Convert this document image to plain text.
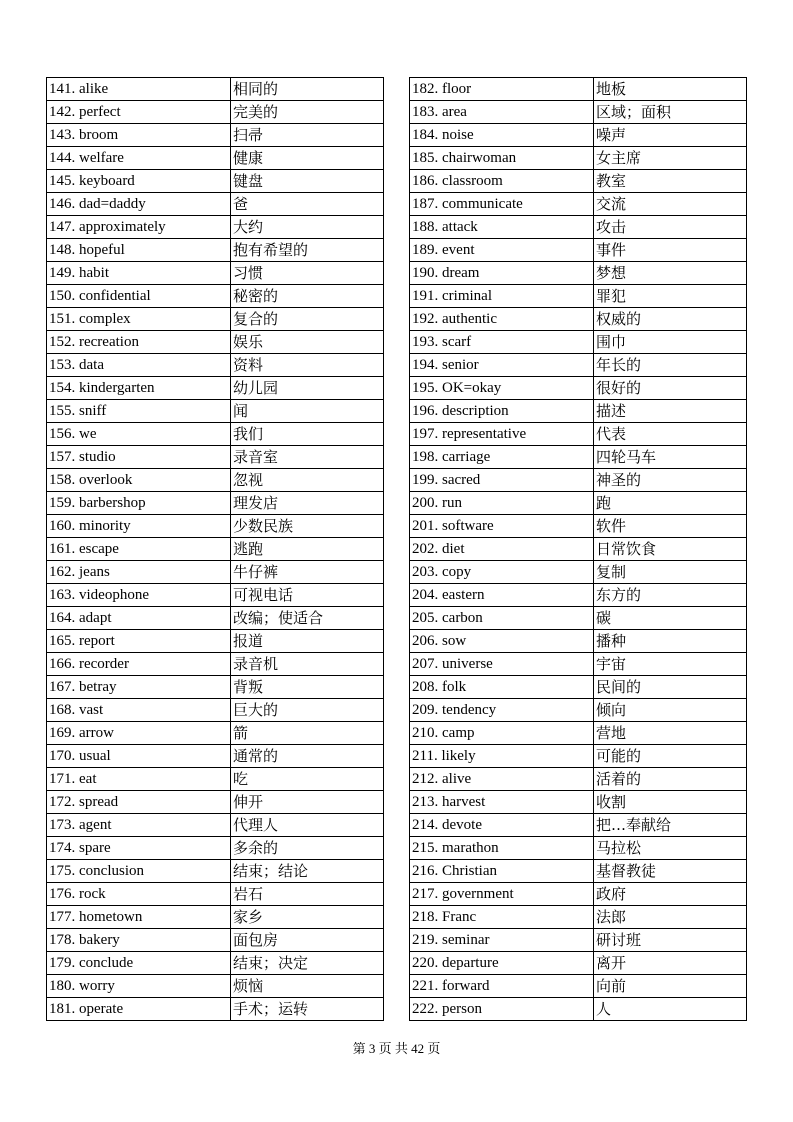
141. alike	相同的
142. perfect	完美的
143. broom	扫帚
144. welfare	健康
145. keyboard	键盘
146. dad=daddy	爸
147. approximately	大约
148. hopeful	抱有希望的
149. habit	习惯
150. confidential	秘密的
151. complex	复合的
152. recreation	娱乐
153. data	资料
154. kindergarten	幼儿园
155. sniff	闻
156. we	我们
157. studio	录音室
158. overlook	忽视
159. barbershop	理发店
160. minority	少数民族
161. escape	逃跑
162. jeans	牛仔裤
163. videophone	可视电话
164. adapt	改编；使适合
165. report	报道
166. recorder	录音机
167. betray	背叛
168. vast	巨大的
169. arrow	箭
170. usual	通常的
171. eat	吃
172. spread	伸开
173. agent	代理人
174. spare	多余的
175. conclusion	结束；结论
176. rock	岩石
177. hometown	家乡
178. bakery	面包房
179. conclude	结束；决定
180. worry	烦恼
181. operate	手术；运转
182. floor	地板
183. area	区域；面积
184. noise	噪声
185. chairwoman	女主席
186. classroom	教室
187. communicate	交流
188. attack	攻击
189. event	事件
190. dream	梦想
191. criminal	罪犯
192. authentic	权威的
193. scarf	围巾
194. senior	年长的
195. OK=okay	很好的
196. description	描述
197. representative	代表
198. carriage	四轮马车
199. sacred	神圣的
200. run	跑
201. software	软件
202. diet	日常饮食
203. copy	复制
204. eastern	东方的
205. carbon	碳
206. sow	播种
207. universe	宇宙
208. folk	民间的
209. tendency	倾向
210. camp	营地
211. likely	可能的
212. alive	活着的
213. harvest	收割
214. devote	把…奉献给
215. marathon	马拉松
216. Christian	基督教徒
217. government	政府
218. Franc	法郎
219. seminar	研讨班
220. departure	离开
221. forward	向前
222. person	人
第 3 页 共 42 页
